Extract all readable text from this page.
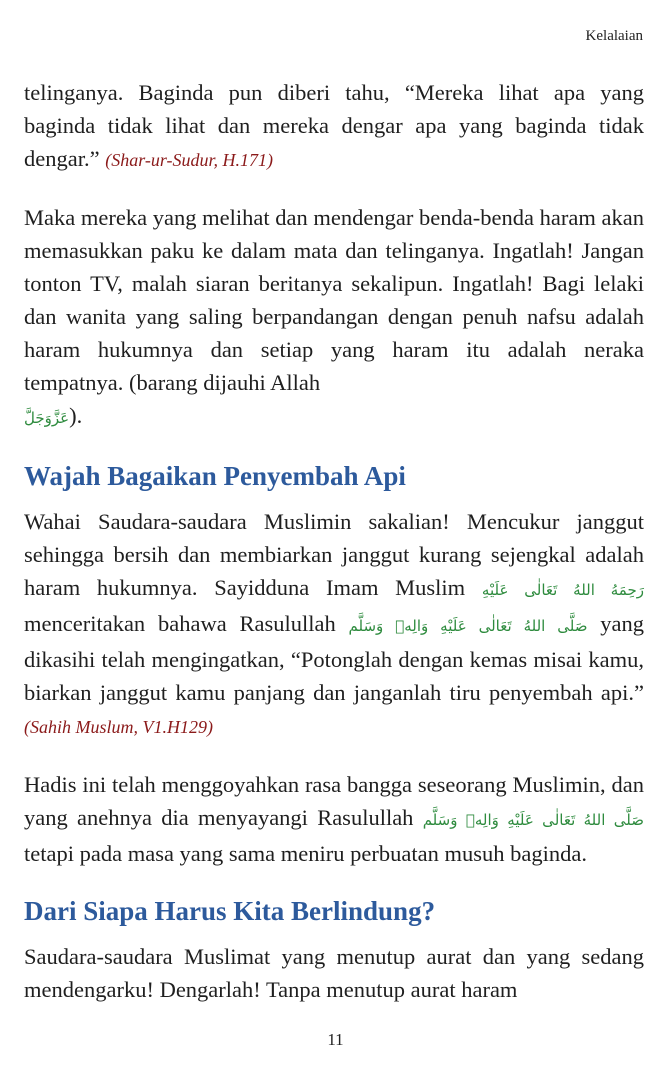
Kelalaian

telinganya. Baginda pun diberi tahu, “Mereka lihat apa yang baginda tidak lihat dan mereka dengar apa yang baginda tidak dengar.” (Shar-ur-Sudur, H.171)

Maka mereka yang melihat dan mendengar benda-benda haram akan memasukkan paku ke dalam mata dan telinganya. Ingatlah! Jangan tonton TV, malah siaran beritanya sekalipun. Ingatlah! Bagi lelaki dan wanita yang saling berpandangan dengan penuh nafsu adalah haram hukumnya dan setiap yang haram itu adalah neraka tempatnya. (barang dijauhi Allah
عَزَّوَجَلَّ).

Wajah Bagaikan Penyembah Api

Wahai Saudara-saudara Muslimin sakalian! Mencukur janggut sehingga bersih dan membiarkan janggut kurang sejengkal adalah haram hukumnya. Sayidduna Imam Muslim رَحِمَهُ اللهُ تَعَالٰى عَلَيْهِ menceritakan bahawa Rasulullah صَلَّى اللهُ تَعَالٰى عَلَيْهِ وَالِهٖ وَسَلَّم yang dikasihi telah mengingatkan, “Potonglah dengan kemas misai kamu, biarkan janggut kamu panjang dan janganlah tiru penyembah api.” (Sahih Muslum, V1.H129)

Hadis ini telah menggoyahkan rasa bangga seseorang Muslimin, dan yang anehnya dia menyayangi Rasulullah صَلَّى اللهُ تَعَالٰى عَلَيْهِ وَالِهٖ وَسَلَّم tetapi pada masa yang sama meniru perbuatan musuh baginda.

Dari Siapa Harus Kita Berlindung?

Saudara-saudara Muslimat yang menutup aurat dan yang sedang mendengarku! Dengarlah! Tanpa menutup aurat haram

11
